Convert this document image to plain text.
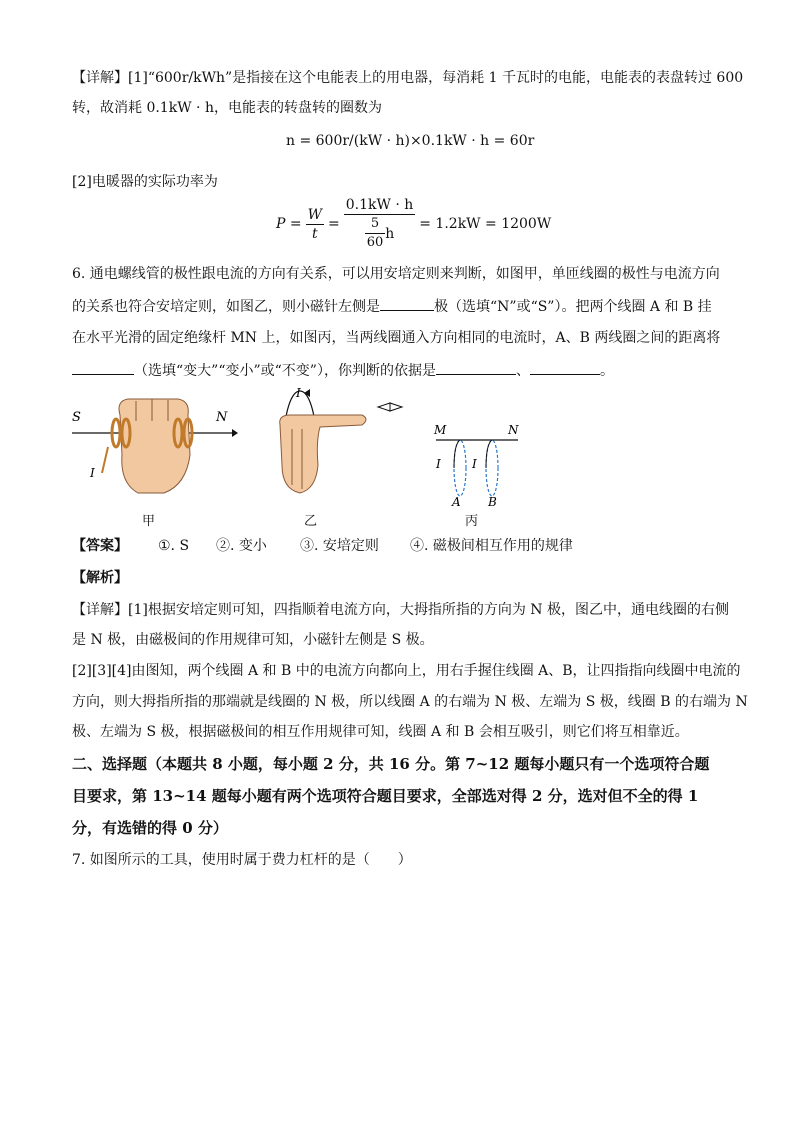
【详解】[1]“600r/kWh”是指接在这个电能表上的用电器，每消耗 1 千瓦时的电能，电能表的表盘转过 600
转，故消耗 0.1kW · h，电能表的转盘转的圈数为
n = 600r/(kW · h)×0.1kW · h = 60r
[2]电暖器的实际功率为
$P = \frac{W}{t} = \frac{0.1kW \cdot h}{\frac{5}{60} h} = 1.2kW = 1200W$
6. 通电螺线管的极性跟电流的方向有关系，可以用安培定则来判断，如图甲，单匝线圈的极性与电流方向
的关系也符合安培定则，如图乙，则小磁针左侧是	极（选填“N”或“S”）。把两个线圈 A 和 B 挂
在水平光滑的固定绝缘杆 MN 上，如图丙，当两线圈通入方向相同的电流时，A、B 两线圈之间的距离将
（选填“变大”“变小”或“不变”），你判断的依据是	、	。
S	N
I
甲
I
乙
M	N
I	I
A B
丙
【答案】 ①. S ②. 变小 ③. 安培定则 ④. 磁极间相互作用的规律
【解析】
【详解】[1]根据安培定则可知，四指顺着电流方向，大拇指所指的方向为 N 极，图乙中，通电线圈的右侧
是 N 极，由磁极间的作用规律可知，小磁针左侧是 S 极。
[2][3][4]由图知，两个线圈 A 和 B 中的电流方向都向上，用右手握住线圈 A、B，让四指指向线圈中电流的
方向，则大拇指所指的那端就是线圈的 N 极，所以线圈 A 的右端为 N 极、左端为 S 极，线圈 B 的右端为 N
极、左端为 S 极，根据磁极间的相互作用规律可知，线圈 A 和 B 会相互吸引，则它们将互相靠近。
二、选择题（本题共 8 小题，每小题 2 分，共 16 分。第 7~12 题每小题只有一个选项符合题
目要求，第 13~14 题每小题有两个选项符合题目要求，全部选对得 2 分，选对但不全的得 1
分，有选错的得 0 分）
7. 如图所示的工具，使用时属于费力杠杆的是（　　）
